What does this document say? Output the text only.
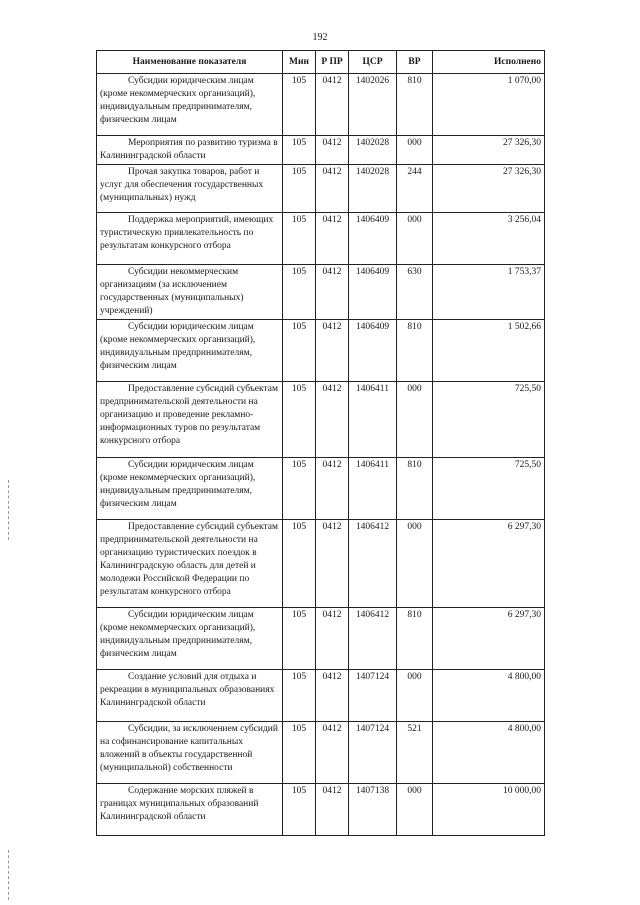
192
Наименование показателя	Мин	Р ПР	ЦСР	ВР	Исполнено

Субсидии юридическим лицам (кроме некоммерческих организаций), индивидуальным предпринимателям, физическим лицам	105	0412	1402026	810	1 070,00

Мероприятия по развитию туризма в Калининградской области	105	0412	1402028	000	27 326,30

Прочая закупка товаров, работ и услуг для обеспечения государственных (муниципальных) нужд	105	0412	1402028	244	27 326,30

Поддержка мероприятий, имеющих туристическую привлекательность по результатам конкурсного отбора	105	0412	1406409	000	3 256,04

Субсидии некоммерческим организациям (за исключением государственных (муниципальных) учреждений)	105	0412	1406409	630	1 753,37

Субсидии юридическим лицам (кроме некоммерческих организаций), индивидуальным предпринимателям, физическим лицам	105	0412	1406409	810	1 502,66

Предоставление субсидий субъектам предпринимательской деятельности на организацию и проведение рекламно-информационных туров по результатам конкурсного отбора	105	0412	1406411	000	725,50

Субсидии юридическим лицам (кроме некоммерческих организаций), индивидуальным предпринимателям, физическим лицам	105	0412	1406411	810	725,50

Предоставление субсидий субъектам предпринимательской деятельности на организацию туристических поездок в Калининградскую область для детей и молодежи Российской Федерации по результатам конкурсного отбора	105	0412	1406412	000	6 297,30

Субсидии юридическим лицам (кроме некоммерческих организаций), индивидуальным предпринимателям, физическим лицам	105	0412	1406412	810	6 297,30

Создание условий для отдыха и рекреации в муниципальных образованиях Калининградской области	105	0412	1407124	000	4 800,00

Субсидии, за исключением субсидий на софинансирование капитальных вложений в объекты государственной (муниципальной) собственности	105	0412	1407124	521	4 800,00

Содержание морских пляжей в границах муниципальных образований Калининградской области	105	0412	1407138	000	10 000,00
